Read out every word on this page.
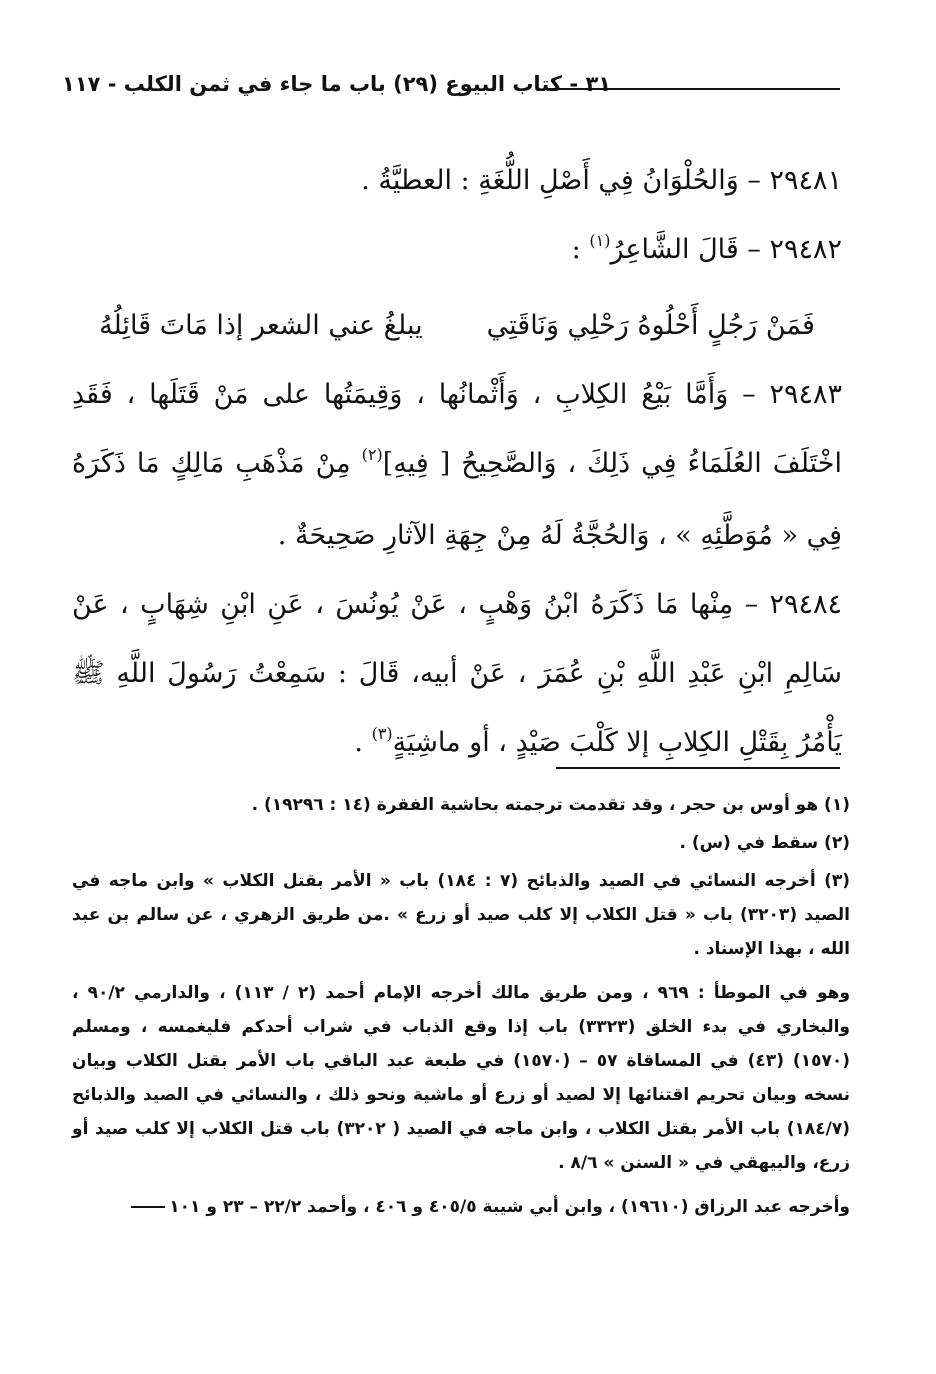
٣١ - كتاب البيوع (٢٩) باب ما جاء في ثمن الكلب - ١١٧

٢٩٤٨١ – وَالحُلْوَانُ فِي أَصْلِ اللُّغَةِ : العطيَّةُ .

٢٩٤٨٢ – قَالَ الشَّاعِرُ$^{(١)}$ :

فَمَنْ رَجُلٍ أَحْلُوهُ رَحْلِي وَنَاقَتِي
يبلغُ عني الشعر إذا مَاتَ قَائِلُهُ

٢٩٤٨٣ – وَأَمَّا بَيْعُ الكِلابِ ، وَأَثْمانُها ، وَقِيمَتُها على مَنْ قَتَلَها ، فَقَدِ اخْتَلَفَ العُلَمَاءُ فِي ذَلِكَ ، وَالصَّحِيحُ [ فِيهِ]$^{(٢)}$ مِنْ مَذْهَبِ مَالِكٍ مَا ذَكَرَهُ فِي « مُوَطَّئِهِ » ، وَالحُجَّةُ لَهُ مِنْ جِهَةِ الآثارِ صَحِيحَةٌ .

٢٩٤٨٤ – مِنْها مَا ذَكَرَهُ ابْنُ وَهْبٍ ، عَنْ يُونُسَ ، عَنِ ابْنِ شِهَابٍ ، عَنْ سَالِمِ ابْنِ عَبْدِ اللَّهِ بْنِ عُمَرَ ، عَنْ أبيه، قَالَ : سَمِعْتُ رَسُولَ اللَّهِ ﷺ يَأْمُرُ بِقَتْلِ الكِلابِ إلا كَلْبَ صَيْدٍ ، أو ماشِيَةٍ$^{(٣)}$ .

(١) هو أوس بن حجر ، وقد تقدمت ترجمته بحاشية الفقرة (١٤ : ١٩٢٩٦) .

(٢) سقط في (س) .

(٣) أخرجه النسائي في الصيد والذبائح (٧ : ١٨٤) باب « الأمر بقتل الكلاب » وابن ماجه في الصيد (٣٢٠٣) باب « قتل الكلاب إلا كلب صيد أو زرع » .من طريق الزهري ، عن سالم بن عبد الله ، بهذا الإسناد .

وهو في الموطأ : ٩٦٩ ، ومن طريق مالك أخرجه الإمام أحمد (٢ / ١١٣) ، والدارمي ٩٠/٢ ، والبخاري في بدء الخلق (٣٣٢٣) باب إذا وقع الذباب في شراب أحدكم فليغمسه ، ومسلم (١٥٧٠) (٤٣) في المساقاة ٥٧ – (١٥٧٠) في طبعة عبد الباقي باب الأمر بقتل الكلاب وبيان نسخه وبيان تحريم اقتنائها إلا لصيد أو زرع أو ماشية ونحو ذلك ، والنسائي في الصيد والذبائح (١٨٤/٧) باب الأمر بقتل الكلاب ، وابن ماجه في الصيد ( ٣٢٠٢) باب قتل الكلاب إلا كلب صيد أو زرع، والبيهقي في « السنن » ٨/٦ .

وأخرجه عبد الرزاق (١٩٦١٠) ، وابن أبي شيبة ٤٠٥/٥ و ٤٠٦ ، وأحمد ٢٢/٢ – ٢٣ و ١٠١
